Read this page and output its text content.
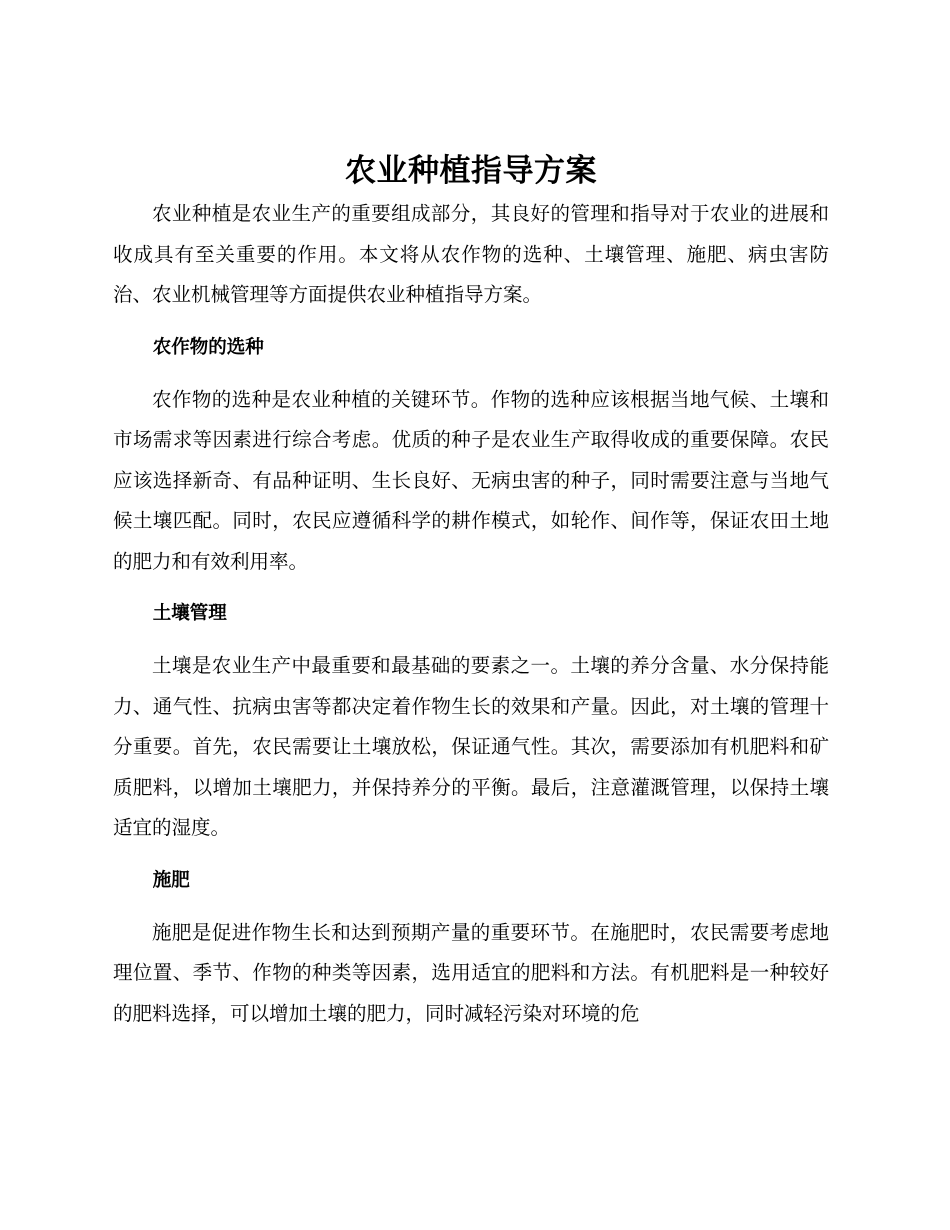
农业种植指导方案

农业种植是农业生产的重要组成部分，其良好的管理和指导对于农业的进展和收成具有至关重要的作用。本文将从农作物的选种、土壤管理、施肥、病虫害防治、农业机械管理等方面提供农业种植指导方案。

农作物的选种

农作物的选种是农业种植的关键环节。作物的选种应该根据当地气候、土壤和市场需求等因素进行综合考虑。优质的种子是农业生产取得收成的重要保障。农民应该选择新奇、有品种证明、生长良好、无病虫害的种子，同时需要注意与当地气候土壤匹配。同时，农民应遵循科学的耕作模式，如轮作、间作等，保证农田土地的肥力和有效利用率。

土壤管理

土壤是农业生产中最重要和最基础的要素之一。土壤的养分含量、水分保持能力、通气性、抗病虫害等都决定着作物生长的效果和产量。因此，对土壤的管理十分重要。首先，农民需要让土壤放松，保证通气性。其次，需要添加有机肥料和矿质肥料，以增加土壤肥力，并保持养分的平衡。最后，注意灌溉管理，以保持土壤适宜的湿度。

施肥

施肥是促进作物生长和达到预期产量的重要环节。在施肥时，农民需要考虑地理位置、季节、作物的种类等因素，选用适宜的肥料和方法。有机肥料是一种较好的肥料选择，可以增加土壤的肥力，同时减轻污染对环境的危
